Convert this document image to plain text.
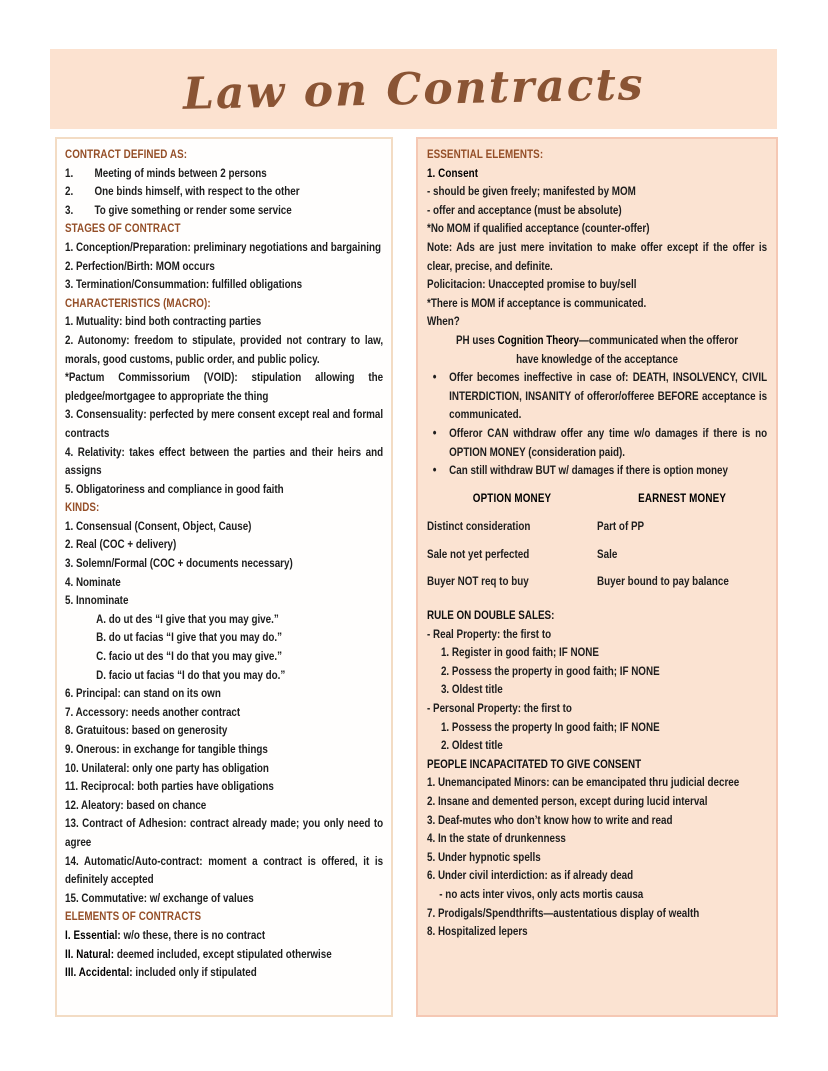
Law on Contracts
CONTRACT DEFINED AS:
1. Meeting of minds between 2 persons
2. One binds himself, with respect to the other
3. To give something or render some service
STAGES OF CONTRACT
1. Conception/Preparation: preliminary negotiations and bargaining
2. Perfection/Birth: MOM occurs
3. Termination/Consummation: fulfilled obligations
CHARACTERISTICS (MACRO):
1. Mutuality: bind both contracting parties
2. Autonomy: freedom to stipulate, provided not contrary to law, morals, good customs, public order, and public policy.
*Pactum Commissorium (VOID): stipulation allowing the pledgee/mortgagee to appropriate the thing
3. Consensuality: perfected by mere consent except real and formal contracts
4. Relativity: takes effect between the parties and their heirs and assigns
5. Obligatoriness and compliance in good faith
KINDS:
1. Consensual (Consent, Object, Cause)
2. Real (COC + delivery)
3. Solemn/Formal (COC + documents necessary)
4. Nominate
5. Innominate
A. do ut des “I give that you may give.”
B. do ut facias “I give that you may do.”
C. facio ut des “I do that you may give.”
D. facio ut facias “I do that you may do.”
6. Principal: can stand on its own
7. Accessory: needs another contract
8. Gratuitous: based on generosity
9. Onerous: in exchange for tangible things
10. Unilateral: only one party has obligation
11. Reciprocal: both parties have obligations
12. Aleatory: based on chance
13. Contract of Adhesion: contract already made; you only need to agree
14. Automatic/Auto-contract: moment a contract is offered, it is definitely accepted
15. Commutative: w/ exchange of values
ELEMENTS OF CONTRACTS
I. Essential: w/o these, there is no contract
II. Natural: deemed included, except stipulated otherwise
III. Accidental: included only if stipulated
ESSENTIAL ELEMENTS:
1. Consent
- should be given freely; manifested by MOM
- offer and acceptance (must be absolute)
*No MOM if qualified acceptance (counter-offer)
Note: Ads are just mere invitation to make offer except if the offer is clear, precise, and definite.
Policitacion: Unaccepted promise to buy/sell
*There is MOM if acceptance is communicated.
When?
PH uses Cognition Theory—communicated when the offeror have knowledge of the acceptance
• Offer becomes ineffective in case of: DEATH, INSOLVENCY, CIVIL INTERDICTION, INSANITY of offeror/offeree BEFORE acceptance is communicated.
• Offeror CAN withdraw offer any time w/o damages if there is no OPTION MONEY (consideration paid).
• Can still withdraw BUT w/ damages if there is option money
OPTION MONEY	EARNEST MONEY
Distinct consideration	Part of PP
Sale not yet perfected	Sale
Buyer NOT req to buy	Buyer bound to pay balance
RULE ON DOUBLE SALES:
- Real Property: the first to
1. Register in good faith; IF NONE
2. Possess the property in good faith; IF NONE
3. Oldest title
- Personal Property: the first to
1. Possess the property In good faith; IF NONE
2. Oldest title
PEOPLE INCAPACITATED TO GIVE CONSENT
1. Unemancipated Minors: can be emancipated thru judicial decree
2. Insane and demented person, except during lucid interval
3. Deaf-mutes who don’t know how to write and read
4. In the state of drunkenness
5. Under hypnotic spells
6. Under civil interdiction: as if already dead
- no acts inter vivos, only acts mortis causa
7. Prodigals/Spendthrifts—austentatious display of wealth
8. Hospitalized lepers
